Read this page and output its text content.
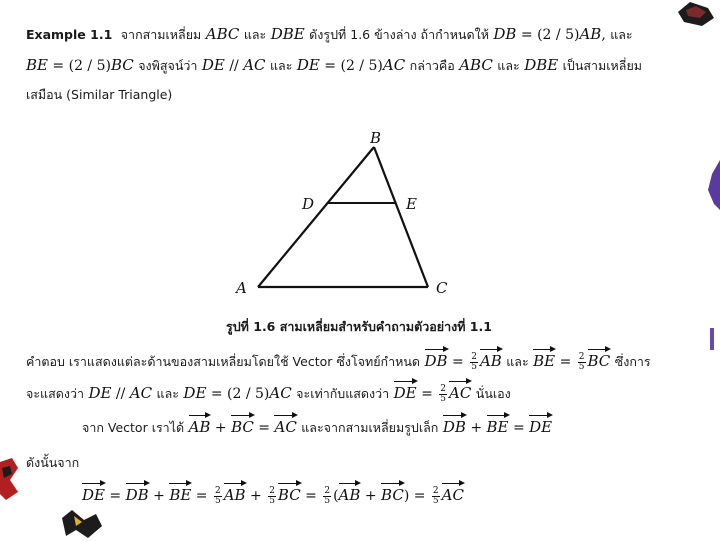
Example 1.1 จากสามเหลี่ยม ABC และ DBE ดังรูปที่ 1.6 ข้างล่าง ถ้ากำหนดให้ DB = (2 / 5)AB, และ
BE = (2 / 5)BC จงพิสูจน์ว่า DE // AC และ DE = (2 / 5)AC กล่าวคือ ABC และ DBE เป็นสามเหลี่ยม
เสมือน (Similar Triangle)
B
D	E
A	C
รูปที่ 1.6 สามเหลี่ยมสำหรับคำถามตัวอย่างที่ 1.1
คำตอบ เราแสดงแต่ละด้านของสามเหลี่ยมโดยใช้ Vector ซึ่งโจทย์กำหนด DB = $\frac{2}{5}$ AB และ BE = $\frac{2}{5}$ BC ซึ่งการ
จะแสดงว่า DE // AC และ DE = (2 / 5)AC จะเท่ากับแสดงว่า DE = $\frac{2}{5}$ AC นั่นเอง
จาก Vector เราได้ AB + BC = AC และจากสามเหลี่ยมรูปเล็ก DB + BE = DE
ดังนั้นจาก
DE = DB + BE = $\frac{2}{5}$ AB + $\frac{2}{5}$ BC = $\frac{2}{5} (AB + BC) = \frac{2}{5}$ AC
